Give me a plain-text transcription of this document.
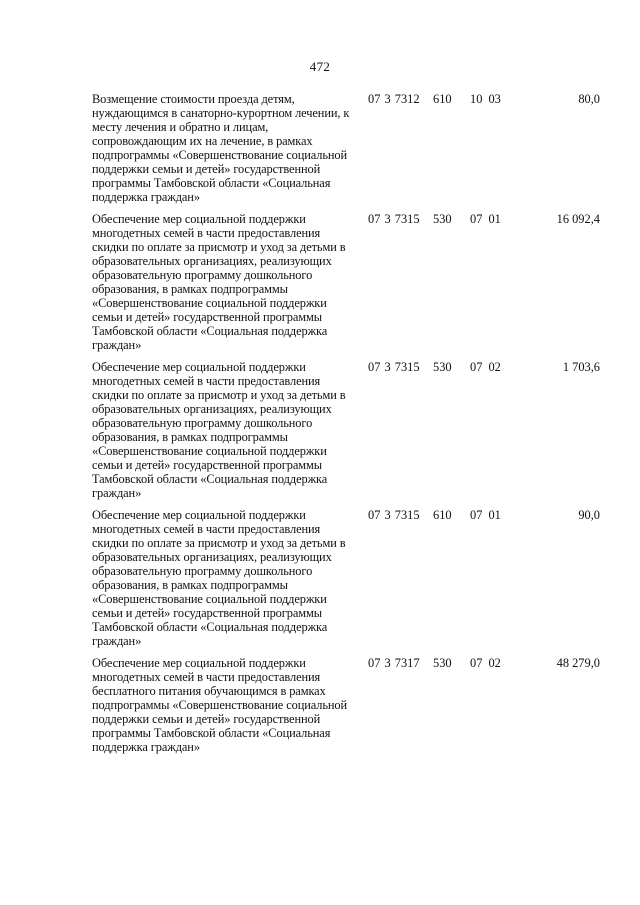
472
Возмещение стоимости проезда детям, нуждающимся в санаторно-курортном лечении, к месту лечения и обратно и лицам, сопровождающим их на лечение, в рамках подпрограммы «Совершенствование социальной поддержки семьи и детей» государственной программы Тамбовской области «Социальная поддержка граждан»
07 3 7312 610 10 03	80,0
Обеспечение мер социальной поддержки многодетных семей в части предоставления скидки по оплате за присмотр и уход за детьми в образовательных организациях, реализующих образовательную программу дошкольного образования, в рамках подпрограммы «Совершенствование социальной поддержки семьи и детей» государственной программы Тамбовской области «Социальная поддержка граждан»
07 3 7315 530 07 01	16 092,4
Обеспечение мер социальной поддержки многодетных семей в части предоставления скидки по оплате за присмотр и уход за детьми в образовательных организациях, реализующих образовательную программу дошкольного образования, в рамках подпрограммы «Совершенствование социальной поддержки семьи и детей» государственной программы Тамбовской области «Социальная поддержка граждан»
07 3 7315 530 07 02	1 703,6
Обеспечение мер социальной поддержки многодетных семей в части предоставления скидки по оплате за присмотр и уход за детьми в образовательных организациях, реализующих образовательную программу дошкольного образования, в рамках подпрограммы «Совершенствование социальной поддержки семьи и детей» государственной программы Тамбовской области «Социальная поддержка граждан»
07 3 7315 610 07 01	90,0
Обеспечение мер социальной поддержки многодетных семей в части предоставления бесплатного питания обучающимся в рамках подпрограммы «Совершенствование социальной поддержки семьи и детей» государственной программы Тамбовской области «Социальная поддержка граждан»
07 3 7317 530 07 02	48 279,0
